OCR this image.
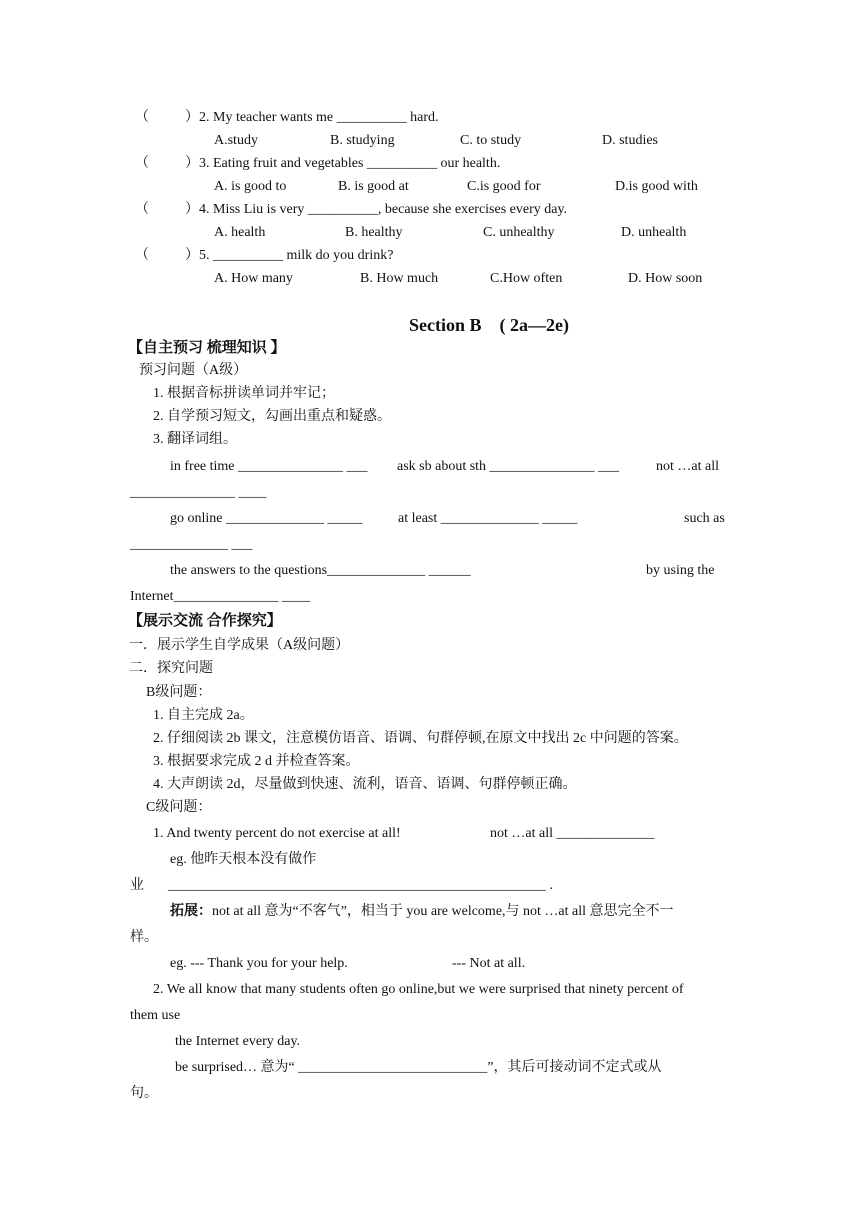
（	） 2. My teacher wants me __________ hard.
A.study	B. studying	C. to study	D. studies
（	） 3. Eating fruit and vegetables __________ our health.
A. is good to	B. is good at	C.is good for	D.is good with
（	） 4. Miss Liu is very __________, because she exercises every day.
A. health	B. healthy	C. unhealthy	D. unhealth
（	） 5. __________ milk do you drink?
A. How many	B. How much	C.How often	D. How soon
Section B　( 2a—2e)
【自主预习 梳理知识 】
预习问题（A级）
1. 根据音标拼读单词并牢记；
2. 自学预习短文，勾画出重点和疑惑。
3. 翻译词组。
in free time _______________ ___ ask sb about sth _______________ ___	not …at all
_______________ ____
go online ______________ _____	at least ______________ _____	such as
______________ ___
the answers to the questions______________ ______	by using the
Internet_______________ ____
【展示交流 合作探究】
一．展示学生自学成果（A级问题）
二．探究问题
B级问题：
1. 自主完成 2a。
2. 仔细阅读 2b 课文，注意模仿语音、语调、句群停顿,在原文中找出 2c 中问题的答案。
3. 根据要求完成 2 d 并检查答案。
4. 大声朗读 2d，尽量做到快速、流利，语音、语调、句群停顿正确。
C级问题：
1. And twenty percent do not exercise at all!	not …at all ______________
eg. 他昨天根本没有做作
业 ______________________________________________________ .
拓展：not at all 意为“不客气”，相当于 you are welcome,与 not …at all 意思完全不一
样。
eg. --- Thank you for your help.	--- Not at all.
2. We all know that many students often go online,but we were surprised that ninety percent of
them use
the Internet every day.
be surprised… 意为“ ___________________________”，其后可接动词不定式或从
句。
